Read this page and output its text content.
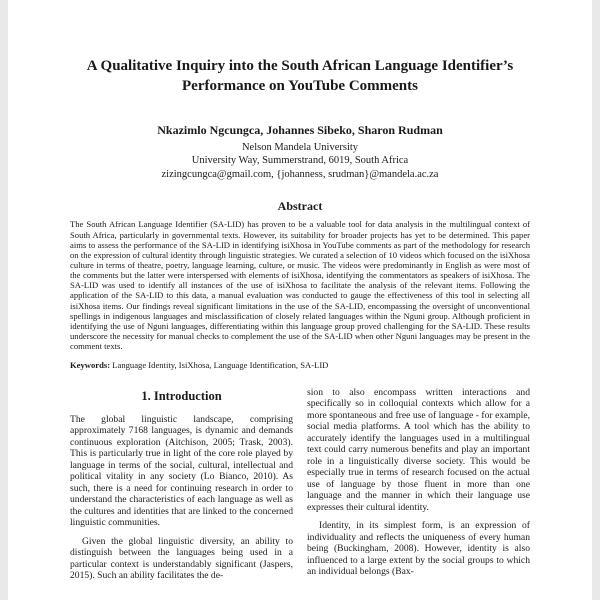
A Qualitative Inquiry into the South African Language Identifier’s Performance on YouTube Comments

Nkazimlo Ngcungca, Johannes Sibeko, Sharon Rudman

Nelson Mandela University

University Way, Summerstrand, 6019, South Africa

zizingcungca@gmail.com, {johanness, srudman}@mandela.ac.za

Abstract

The South African Language Identifier (SA-LID) has proven to be a valuable tool for data analysis in the multilingual context of South Africa, particularly in governmental texts. However, its suitability for broader projects has yet to be determined. This paper aims to assess the performance of the SA-LID in identifying isiXhosa in YouTube comments as part of the methodology for research on the expression of cultural identity through linguistic strategies. We curated a selection of 10 videos which focused on the isiXhosa culture in terms of theatre, poetry, language learning, culture, or music. The videos were predominantly in English as were most of the comments but the latter were interspersed with elements of isiXhosa, identifying the commentators as speakers of isiXhosa. The SA-LID was used to identify all instances of the use of isiXhosa to facilitate the analysis of the relevant items. Following the application of the SA-LID to this data, a manual evaluation was conducted to gauge the effectiveness of this tool in selecting all isiXhosa items. Our findings reveal significant limitations in the use of the SA-LID, encompassing the oversight of unconventional spellings in indigenous languages and misclassification of closely related languages within the Nguni group. Although proficient in identifying the use of Nguni languages, differentiating within this language group proved challenging for the SA-LID. These results underscore the necessity for manual checks to complement the use of the SA-LID when other Nguni languages may be present in the comment texts.

Keywords: Language Identity, IsiXhosa, Language Identification, SA-LID

1. Introduction

The global linguistic landscape, comprising approximately 7168 languages, is dynamic and demands continuous exploration (Aitchison, 2005; Trask, 2003). This is particularly true in light of the core role played by language in terms of the social, cultural, intellectual and political vitality in any society (Lo Bianco, 2010). As such, there is a need for continuing research in order to understand the characteristics of each language as well as the cultures and identities that are linked to the concerned linguistic communities.

Given the global linguistic diversity, an ability to distinguish between the languages being used in a particular context is understandably significant (Jaspers, 2015). Such an ability facilitates the de-

sion to also encompass written interactions and specifically so in colloquial contexts which allow for a more spontaneous and free use of language - for example, social media platforms. A tool which has the ability to accurately identify the languages used in a multilingual text could carry numerous benefits and play an important role in a linguistically diverse society. This would be especially true in terms of research focused on the actual use of language by those fluent in more than one language and the manner in which their language use expresses their cultural identity.

Identity, in its simplest form, is an expression of individuality and reflects the uniqueness of every human being (Buckingham, 2008). However, identity is also influenced to a large extent by the social groups to which an individual belongs (Bax-
